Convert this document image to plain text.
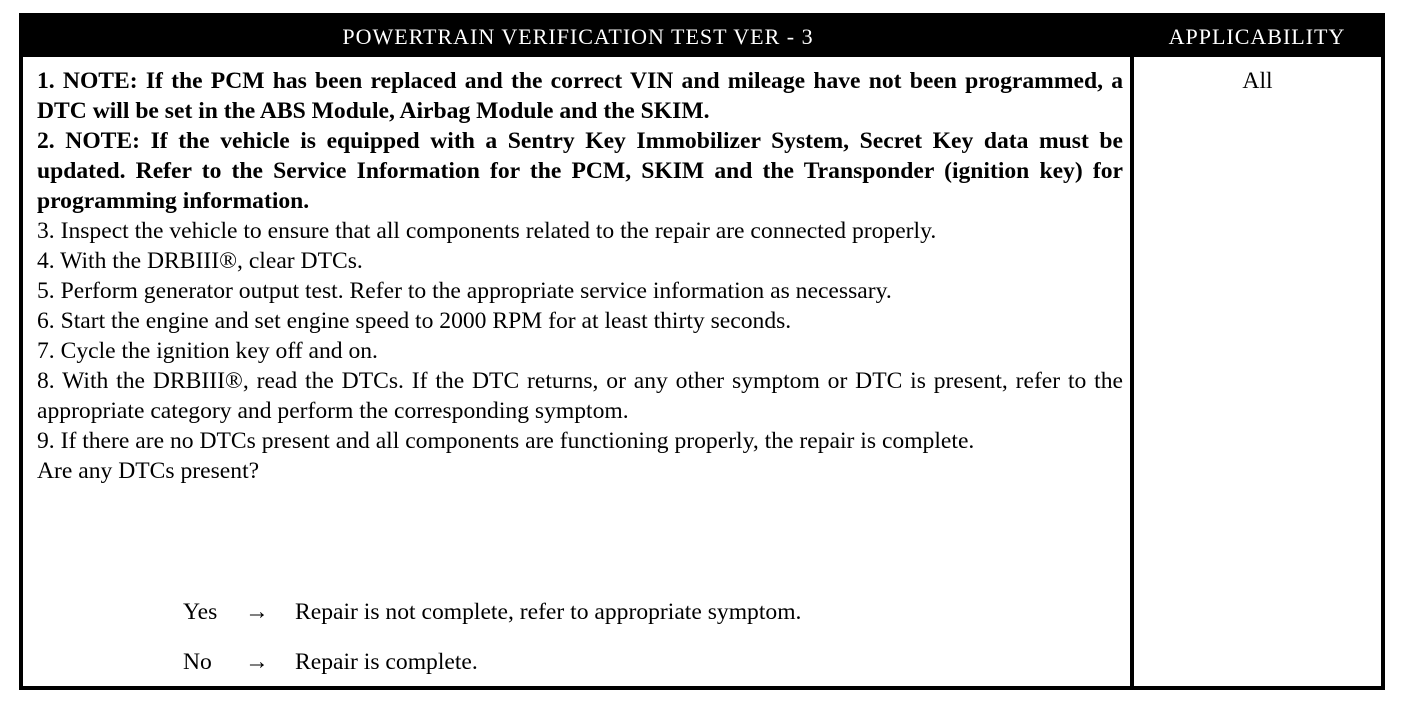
POWERTRAIN VERIFICATION TEST VER - 3	APPLICABILITY

1. NOTE: If the PCM has been replaced and the correct VIN and mileage have not been programmed, a DTC will be set in the ABS Module, Airbag Module and the SKIM.

2. NOTE: If the vehicle is equipped with a Sentry Key Immobilizer System, Secret Key data must be updated. Refer to the Service Information for the PCM, SKIM and the Transponder (ignition key) for programming information.

3. Inspect the vehicle to ensure that all components related to the repair are connected properly.

4. With the DRBIII®, clear DTCs.

5. Perform generator output test. Refer to the appropriate service information as necessary.

6. Start the engine and set engine speed to 2000 RPM for at least thirty seconds.

7. Cycle the ignition key off and on.

8. With the DRBIII®, read the DTCs. If the DTC returns, or any other symptom or DTC is present, refer to the appropriate category and perform the corresponding symptom.

9. If there are no DTCs present and all components are functioning properly, the repair is complete.

Are any DTCs present?

Yes → Repair is not complete, refer to appropriate symptom.
No → Repair is complete.
All
